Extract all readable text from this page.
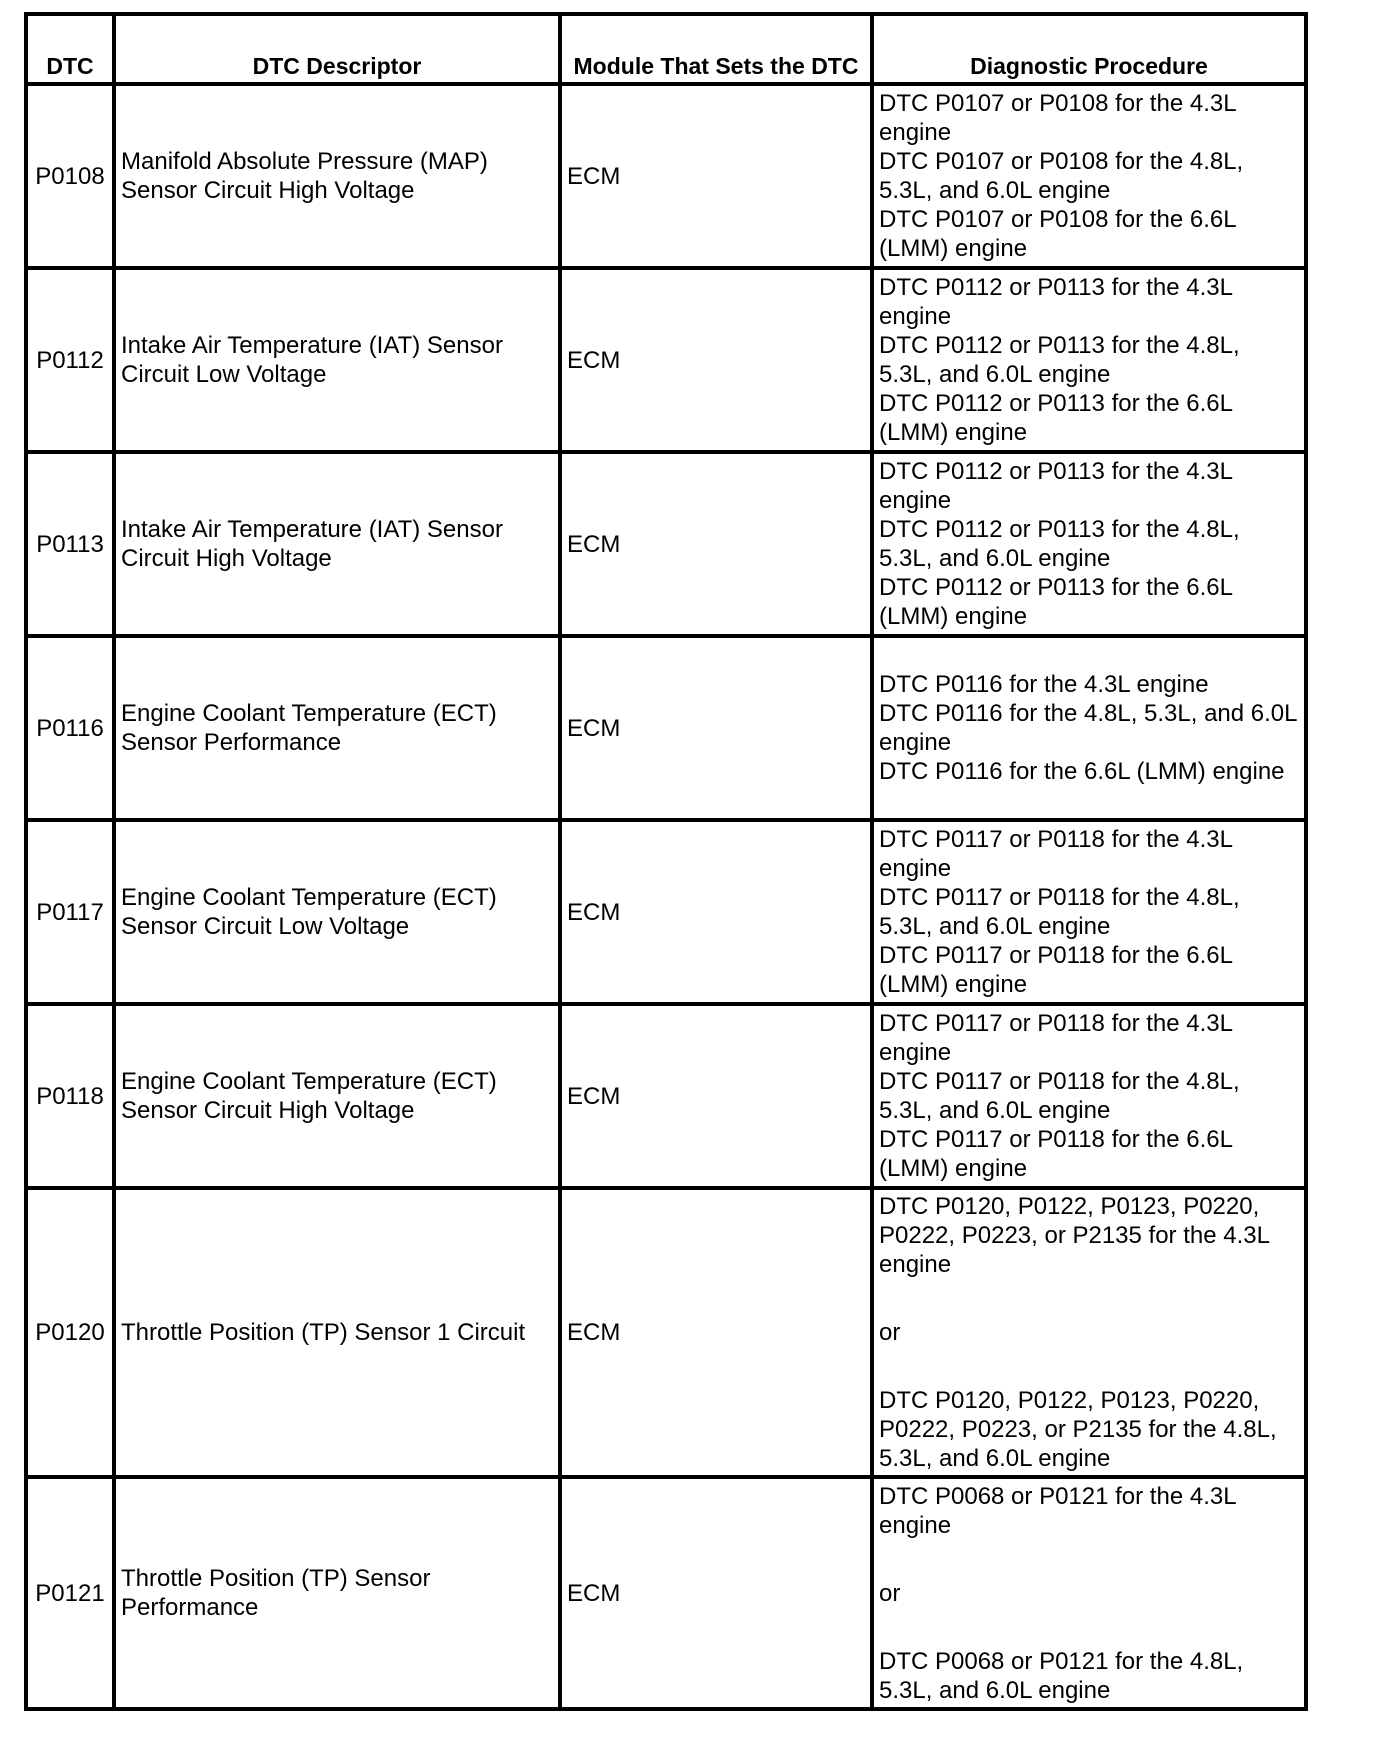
DTC	DTC Descriptor	Module That Sets the DTC	Diagnostic Procedure
P0108	Manifold Absolute Pressure (MAP) Sensor Circuit High Voltage	ECM	DTC P0107 or P0108 for the 4.3L engine
DTC P0107 or P0108 for the 4.8L, 5.3L, and 6.0L engine
DTC P0107 or P0108 for the 6.6L (LMM) engine

P0112	Intake Air Temperature (IAT) Sensor Circuit Low Voltage	ECM	DTC P0112 or P0113 for the 4.3L engine
DTC P0112 or P0113 for the 4.8L, 5.3L, and 6.0L engine
DTC P0112 or P0113 for the 6.6L (LMM) engine

P0113	Intake Air Temperature (IAT) Sensor Circuit High Voltage	ECM	DTC P0112 or P0113 for the 4.3L engine
DTC P0112 or P0113 for the 4.8L, 5.3L, and 6.0L engine
DTC P0112 or P0113 for the 6.6L (LMM) engine

P0116	Engine Coolant Temperature (ECT) Sensor Performance	ECM	DTC P0116 for the 4.3L engine
DTC P0116 for the 4.8L, 5.3L, and 6.0L engine
DTC P0116 for the 6.6L (LMM) engine

P0117	Engine Coolant Temperature (ECT) Sensor Circuit Low Voltage	ECM	DTC P0117 or P0118 for the 4.3L engine
DTC P0117 or P0118 for the 4.8L, 5.3L, and 6.0L engine
DTC P0117 or P0118 for the 6.6L (LMM) engine

P0118	Engine Coolant Temperature (ECT) Sensor Circuit High Voltage	ECM	DTC P0117 or P0118 for the 4.3L engine
DTC P0117 or P0118 for the 4.8L, 5.3L, and 6.0L engine
DTC P0117 or P0118 for the 6.6L (LMM) engine

P0120	Throttle Position (TP) Sensor 1 Circuit	ECM	DTC P0120, P0122, P0123, P0220, P0222, P0223, or P2135 for the 4.3L engine
or
DTC P0120, P0122, P0123, P0220, P0222, P0223, or P2135 for the 4.8L, 5.3L, and 6.0L engine

P0121	Throttle Position (TP) Sensor Performance	ECM	DTC P0068 or P0121 for the 4.3L engine
or
DTC P0068 or P0121 for the 4.8L, 5.3L, and 6.0L engine
